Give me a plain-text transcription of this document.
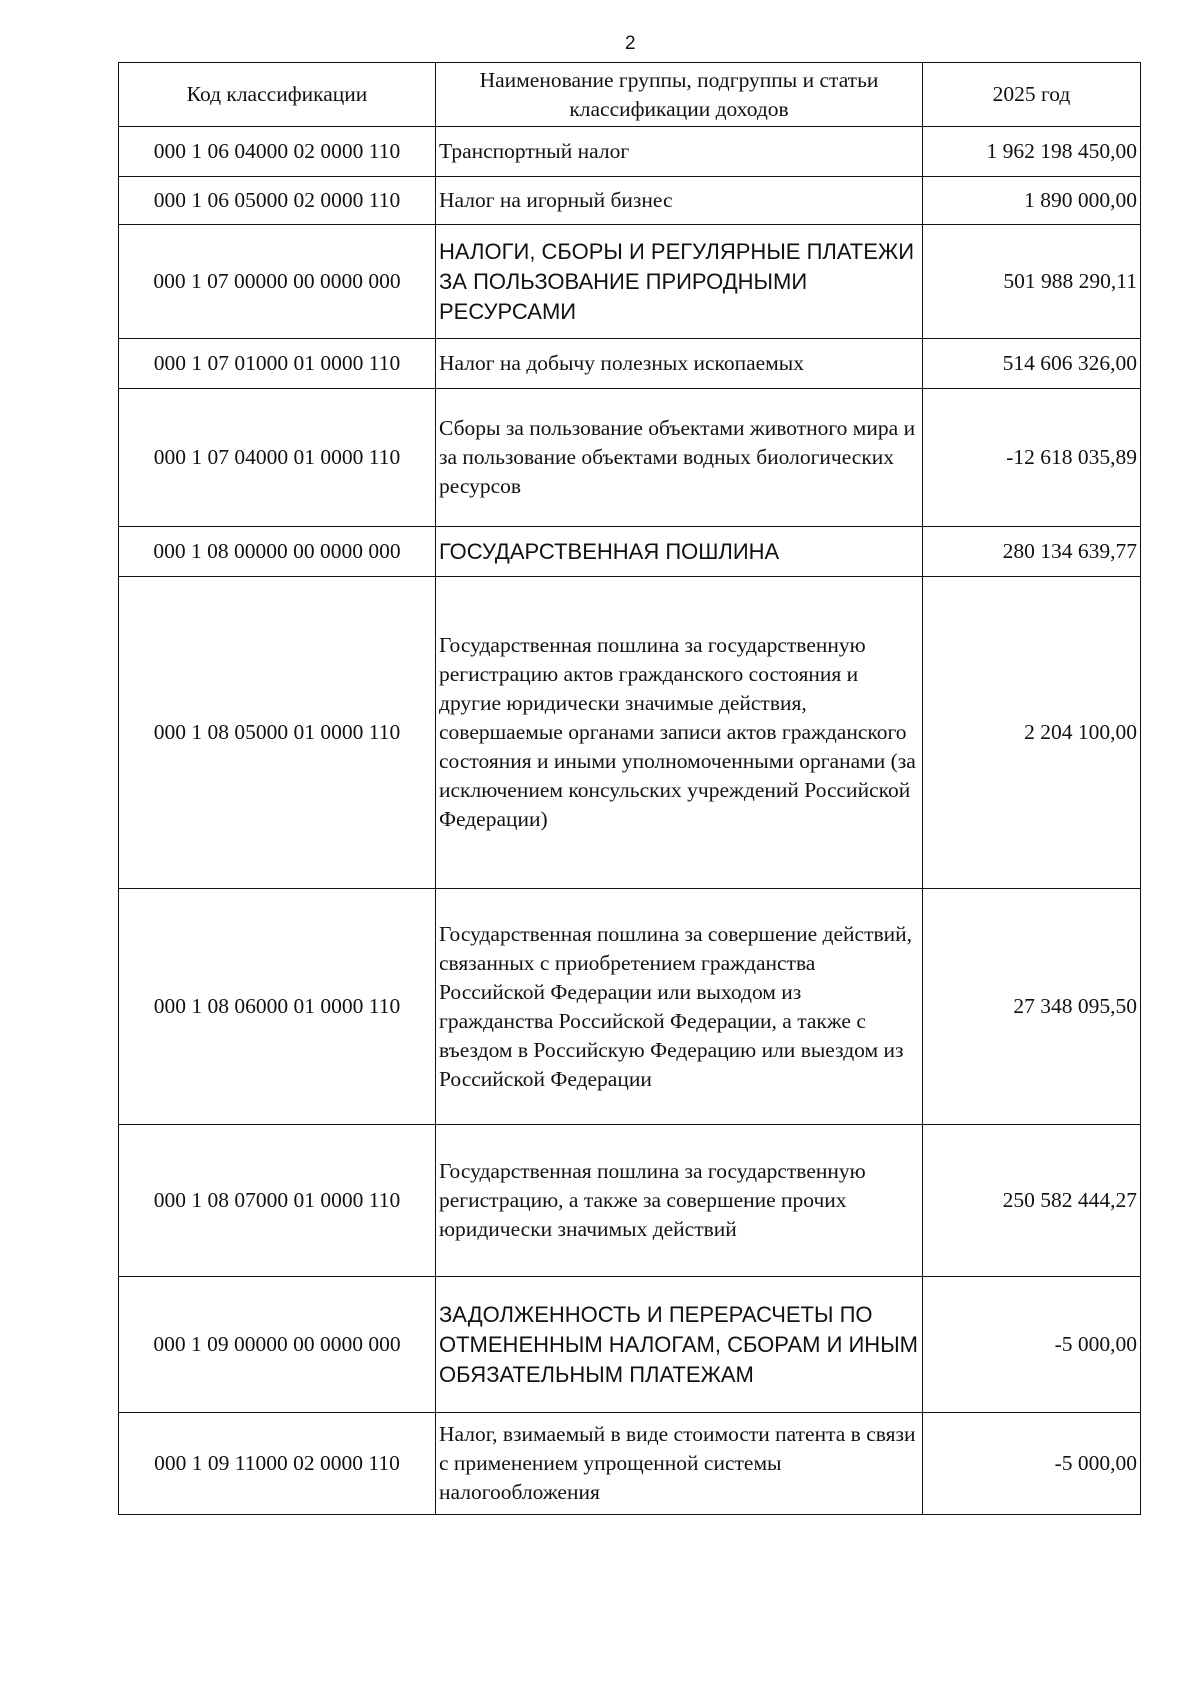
2
Код классификации	Наименование группы, подгруппы и статьи классификации доходов	2025 год
000 1 06 04000 02 0000 110	Транспортный налог	1 962 198 450,00
000 1 06 05000 02 0000 110	Налог на игорный бизнес	1 890 000,00
000 1 07 00000 00 0000 000	НАЛОГИ, СБОРЫ И РЕГУЛЯРНЫЕ ПЛАТЕЖИ ЗА ПОЛЬЗОВАНИЕ ПРИРОДНЫМИ РЕСУРСАМИ	501 988 290,11
000 1 07 01000 01 0000 110	Налог на добычу полезных ископаемых	514 606 326,00
000 1 07 04000 01 0000 110	Сборы за пользование объектами животного мира и за пользование объектами водных биологических ресурсов	-12 618 035,89
000 1 08 00000 00 0000 000	ГОСУДАРСТВЕННАЯ ПОШЛИНА	280 134 639,77
000 1 08 05000 01 0000 110	Государственная пошлина за государственную регистрацию актов гражданского состояния и другие юридически значимые действия, совершаемые органами записи актов гражданского состояния и иными уполномоченными органами (за исключением консульских учреждений Российской Федерации)	2 204 100,00
000 1 08 06000 01 0000 110	Государственная пошлина за совершение действий, связанных с приобретением гражданства Российской Федерации или выходом из гражданства Российской Федерации, а также с въездом в Российскую Федерацию или выездом из Российской Федерации	27 348 095,50
000 1 08 07000 01 0000 110	Государственная пошлина за государственную регистрацию, а также за совершение прочих юридически значимых действий	250 582 444,27
000 1 09 00000 00 0000 000	ЗАДОЛЖЕННОСТЬ И ПЕРЕРАСЧЕТЫ ПО ОТМЕНЕННЫМ НАЛОГАМ, СБОРАМ И ИНЫМ ОБЯЗАТЕЛЬНЫМ ПЛАТЕЖАМ	-5 000,00
000 1 09 11000 02 0000 110	Налог, взимаемый в виде стоимости патента в связи с применением упрощенной системы налогообложения	-5 000,00
